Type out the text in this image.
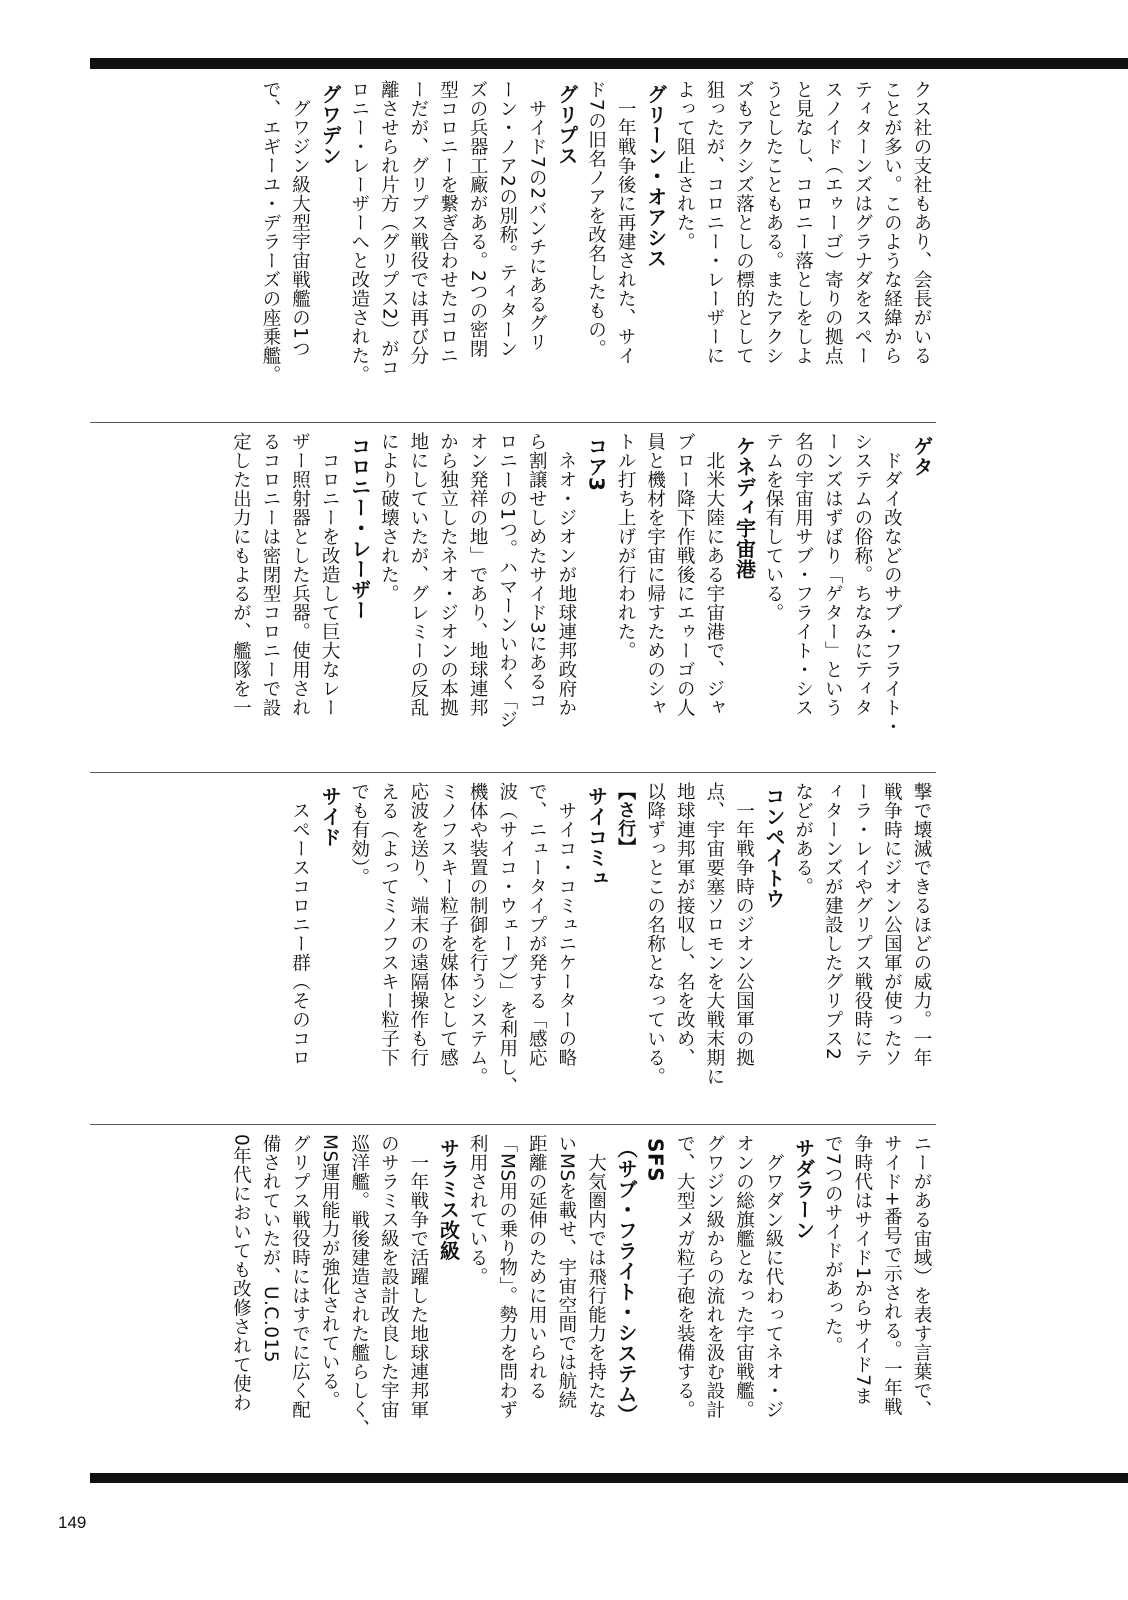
クス社の支社もあり、会長がいる
ことが多い。このような経緯から
ティターンズはグラナダをスペー
スノイド（エゥーゴ）寄りの拠点
と見なし、コロニー落としをしよ
うとしたこともある。またアクシ
ズもアクシズ落としの標的として
狙ったが、コロニー・レーザーに
よって阻止された。
グリーン・オアシス
　一年戦争後に再建された、サイ
ド7の旧名ノアを改名したもの。
グリプス
　サイド7の2バンチにあるグリ
ーン・ノア2の別称。ティターン
ズの兵器工廠がある。2つの密閉
型コロニーを繋ぎ合わせたコロニ
ーだが、グリプス戦役では再び分
離させられ片方（グリプス2）がコ
ロニー・レーザーへと改造された。
グワデン
　グワジン級大型宇宙戦艦の1つ
で、エギーユ・デラーズの座乗艦。
ゲタ
　ドダイ改などのサブ・フライト・
システムの俗称。ちなみにティタ
ーンズはずばり「ゲター」という
名の宇宙用サブ・フライト・シス
テムを保有している。
ケネディ宇宙港
　北米大陸にある宇宙港で、ジャ
ブロー降下作戦後にエゥーゴの人
員と機材を宇宙に帰すためのシャ
トル打ち上げが行われた。
コア3
　ネオ・ジオンが地球連邦政府か
ら割譲せしめたサイド3にあるコ
ロニーの1つ。ハマーンいわく「ジ
オン発祥の地」であり、地球連邦
から独立したネオ・ジオンの本拠
地にしていたが、グレミーの反乱
により破壊された。
コロニー・レーザー
　コロニーを改造して巨大なレー
ザー照射器とした兵器。使用され
るコロニーは密閉型コロニーで設
定した出力にもよるが、艦隊を一
撃で壊滅できるほどの威力。一年
戦争時にジオン公国軍が使ったソ
ーラ・レイやグリプス戦役時にテ
ィターンズが建設したグリプス2
などがある。
コンペイトウ
　一年戦争時のジオン公国軍の拠
点、宇宙要塞ソロモンを大戦末期に
地球連邦軍が接収し、名を改め、
以降ずっとこの名称となっている。
【さ行】
サイコミュ
　サイコ・コミュニケーターの略
で、ニュータイプが発する「感応
波（サイコ・ウェーブ）」を利用し、
機体や装置の制御を行うシステム。
ミノフスキー粒子を媒体として感
応波を送り、端末の遠隔操作も行
える（よってミノフスキー粒子下
でも有効）。
サイド
　スペースコロニー群（そのコロ
ニーがある宙域）を表す言葉で、
サイド+番号で示される。一年戦
争時代はサイド1からサイド7ま
で7つのサイドがあった。
サダラーン
　グワダン級に代わってネオ・ジ
オンの総旗艦となった宇宙戦艦。
グワジン級からの流れを汲む設計
で、大型メガ粒子砲を装備する。
SFS
（サブ・フライト・システム）
　大気圏内では飛行能力を持たな
いMSを載せ、宇宙空間では航続
距離の延伸のために用いられる
「MS用の乗り物」。勢力を問わず
利用されている。
サラミス改級
　一年戦争で活躍した地球連邦軍
のサラミス級を設計改良した宇宙
巡洋艦。戦後建造された艦らしく、
MS運用能力が強化されている。
グリプス戦役時にはすでに広く配
備されていたが、U.C.015
0年代においても改修されて使わ
149
